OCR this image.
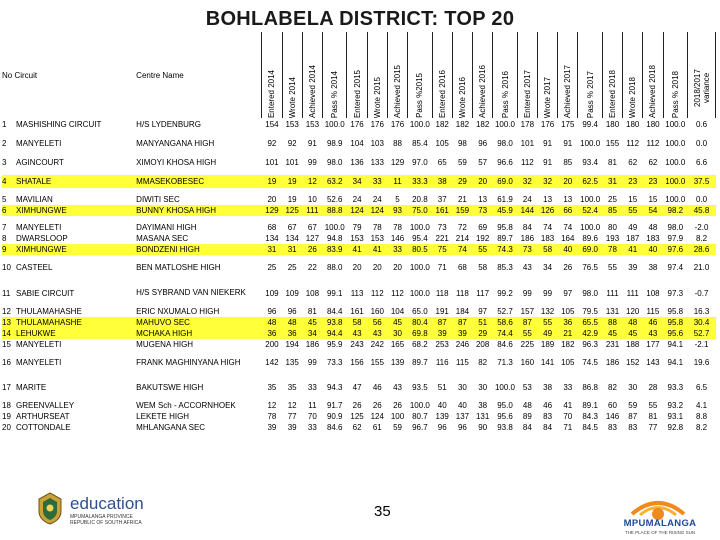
BOHLABELA DISTRICT: TOP 20
No Circuit	Centre Name	Entered 2014	Wrote 2014	Achieved 2014	Pass % 2014	Entered 2015	Wrote 2015	Achieved 2015	Pass %2015	Entered 2016	Wrote 2016	Achieved 2016	Pass % 2016	Entered 2017	Wrote 2017	Achieved 2017	Pass % 2017	Entered 2018	Wrote 2018	Achieved 2018	Pass % 2018	2018/2017 variance

1 MASHISHING CIRCUIT	H/S LYDENBURG	154	153	153	100.0	176	176	176	100.0	182	182	182	100.0	178	176	175	99.4	180	180	180	100.0	0.6

2 MANYELETI	MANYANGANA HIGH	92	92	91	98.9	104	103	88	85.4	105	98	96	98.0	101	91	91	100.0	155	112	112	100.0	0.0

3 AGINCOURT	XIMOYI KHOSA HIGH	101	101	99	98.0	136	133	129	97.0	65	59	57	96.6	112	91	85	93.4	81	62	62	100.0	6.6

4 SHATALE	MMASEKOBESEC	19	19	12	63.2	34	33	11	33.3	38	29	20	69.0	32	32	20	62.5	31	23	23	100.0	37.5

5 MAVILIAN	DIWITI SEC	20	19	10	52.6	24	24	5	20.8	37	21	13	61.9	24	13	13	100.0	25	15	15	100.0	0.0
6 XIMHUNGWE	BUNNY KHOSA HIGH	129	125	111	88.8	124	124	93	75.0	161	159	73	45.9	144	126	66	52.4	85	55	54	98.2	45.8

7 MANYELETI	DAYIMANI HIGH	68	67	67	100.0	79	78	78	100.0	73	72	69	95.8	84	74	74	100.0	80	49	48	98.0	-2.0
8 DWARSLOOP	MASANA SEC	134	134	127	94.8	153	153	146	95.4	221	214	192	89.7	186	183	164	89.6	193	187	183	97.9	8.2
9 XIMHUNGWE	BONDZENI HIGH	31	31	26	83.9	41	41	33	80.5	75	74	55	74.3	73	58	40	69.0	78	41	40	97.6	28.6

10 CASTEEL	BEN MATLOSHE HIGH	25	25	22	88.0	20	20	20	100.0	71	68	58	85.3	43	34	26	76.5	55	39	38	97.4	21.0

11 SABIE CIRCUIT	H/S SYBRAND VAN NIEKERK	109	109	108	99.1	113	112	112	100.0	118	118	117	99.2	99	99	97	98.0	111	111	108	97.3	-0.7
12 THULAMAHASHE	ERIC NXUMALO HIGH	96	96	81	84.4	161	160	104	65.0	191	184	97	52.7	157	132	105	79.5	131	120	115	95.8	16.3
13 THULAMAHASHE	MAHUVO SEC	48	48	45	93.8	58	56	45	80.4	87	87	51	58.6	87	55	36	65.5	88	48	46	95.8	30.4
14 LEHUKWE	MCHAKA HIGH	36	36	34	94.4	43	43	30	69.8	39	39	29	74.4	55	49	21	42.9	45	45	43	95.6	52.7
15 MANYELETI	MUGENA HIGH	200	194	186	95.9	243	242	165	68.2	253	246	208	84.6	225	189	182	96.3	231	188	177	94.1	-2.1
16 MANYELETI	FRANK MAGHINYANA HIGH	142	135	99	73.3	156	155	139	89.7	116	115	82	71.3	160	141	105	74.5	186	152	143	94.1	19.6

17 MARITE	BAKUTSWE HIGH	35	35	33	94.3	47	46	43	93.5	51	30	30	100.0	53	38	33	86.8	82	30	28	93.3	6.5

18 GREENVALLEY	WEM Sch - ACCORNHOEK	12	12	11	91.7	26	26	26	100.0	40	40	38	95.0	48	46	41	89.1	60	59	55	93.2	4.1
19 ARTHURSEAT	LEKETE HIGH	78	77	70	90.9	125	124	100	80.7	139	137	131	95.6	89	83	70	84.3	146	87	81	93.1	8.8
20 COTTONDALE	MHLANGANA SEC	39	39	33	84.6	62	61	59	96.7	96	96	90	93.8	84	84	71	84.5	83	83	77	92.8	8.2
education
MPUMALANGA PROVINCE
REPUBLIC OF SOUTH AFRICA
35
MPUMALANGA
THE PLACE OF THE RISING SUN
